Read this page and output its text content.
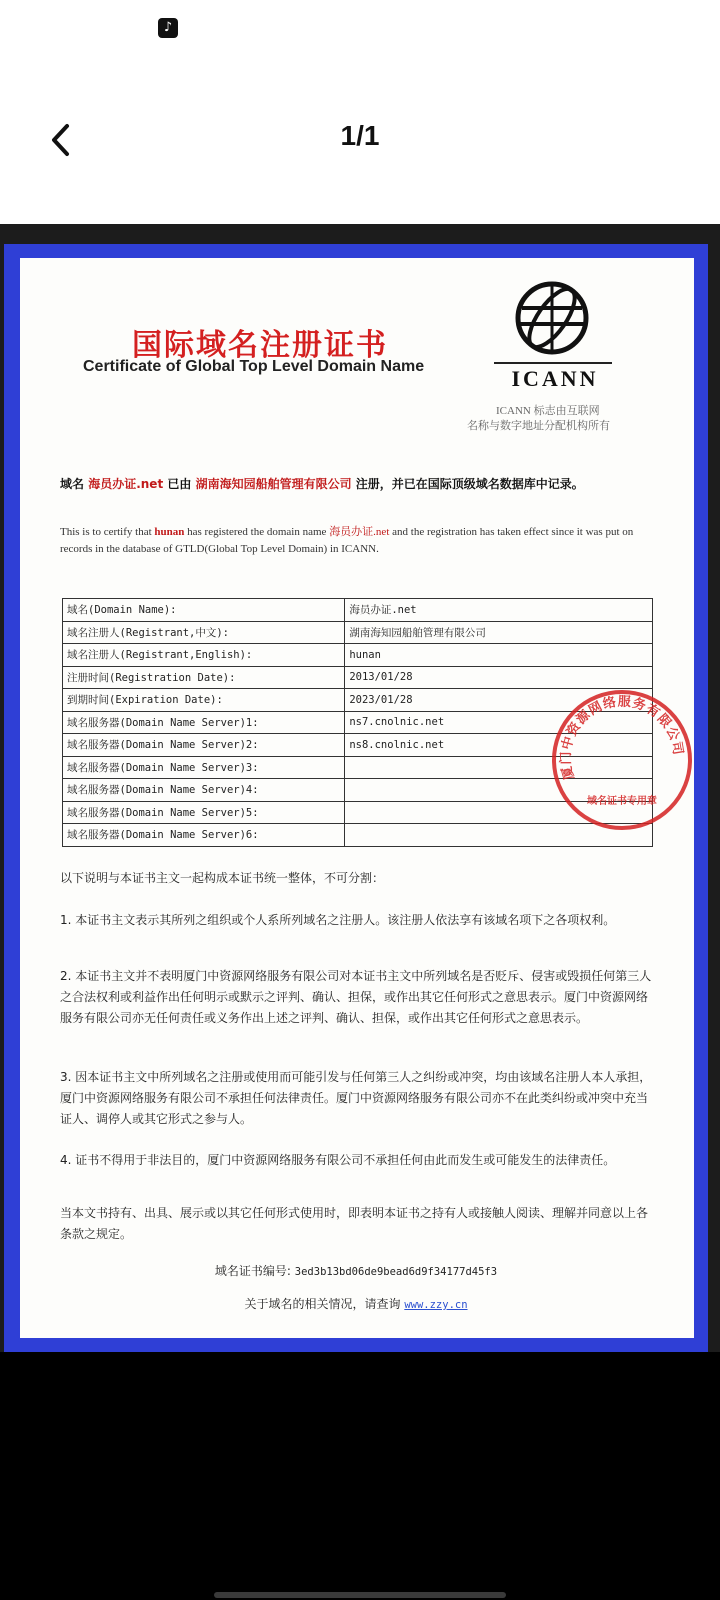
♪
1/1
国际域名注册证书
Certificate of Global Top Level Domain Name	ICANN
ICANN 标志由互联网
名称与数字地址分配机构所有
域名 海员办证.net 已由 湖南海知园船舶管理有限公司 注册，并已在国际顶级域名数据库中记录。
This is to certify that hunan has registered the domain name 海员办证.net and the registration has taken effect since it was put on records in the database of GTLD(Global Top Level Domain) in ICANN.
域名(Domain Name):	海员办证.net
域名注册人(Registrant,中文):	湖南海知园船舶管理有限公司
域名注册人(Registrant,English):	hunan
注册时间(Registration Date):	2013/01/28
到期时间(Expiration Date):	2023/01/28
域名服务器(Domain Name Server)1:	ns7.cnolnic.net
域名服务器(Domain Name Server)2:	ns8.cnolnic.net
域名服务器(Domain Name Server)3:	
域名服务器(Domain Name Server)4:	
域名服务器(Domain Name Server)5:	
域名服务器(Domain Name Server)6:	
厦门中资源网络服务有限公司
域名证书专用章
以下说明与本证书主文一起构成本证书统一整体，不可分割：
1. 本证书主文表示其所列之组织或个人系所列域名之注册人。该注册人依法享有该域名项下之各项权利。
2. 本证书主文并不表明厦门中资源网络服务有限公司对本证书主文中所列域名是否贬斥、侵害或毁损任何第三人之合法权利或利益作出任何明示或默示之评判、确认、担保，或作出其它任何形式之意思表示。厦门中资源网络服务有限公司亦无任何责任或义务作出上述之评判、确认、担保，或作出其它任何形式之意思表示。
3. 因本证书主文中所列域名之注册或使用而可能引发与任何第三人之纠纷或冲突，均由该域名注册人本人承担，厦门中资源网络服务有限公司不承担任何法律责任。厦门中资源网络服务有限公司亦不在此类纠纷或冲突中充当证人、调停人或其它形式之参与人。
4. 证书不得用于非法目的，厦门中资源网络服务有限公司不承担任何由此而发生或可能发生的法律责任。
当本文书持有、出具、展示或以其它任何形式使用时，即表明本证书之持有人或接触人阅读、理解并同意以上各条款之规定。
域名证书编号: 3ed3b13bd06de9bead6d9f34177d45f3
关于域名的相关情况，请查询 www.zzy.cn
